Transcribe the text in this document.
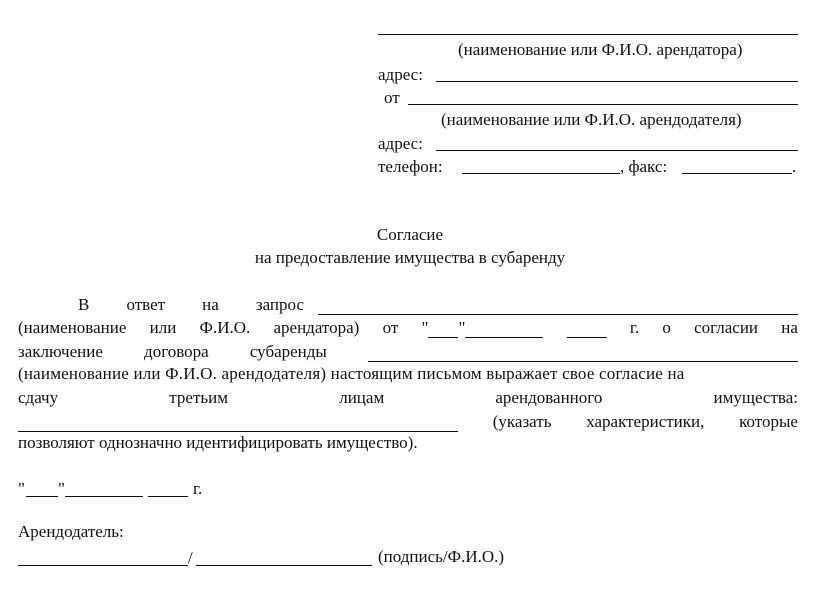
(наименование или Ф.И.О. арендатора)
адрес:
от
(наименование или Ф.И.О. арендодателя)
адрес:
телефон:	, факс:	.
Согласие
на предоставление имущества в субаренду
В ответ на запрос
(наименование или Ф.И.О. арендатора) от " "	г. о согласии на
заключение договора субаренды
(наименование или Ф.И.О. арендодателя) настоящим письмом выражает свое согласие на
сдачу	третьим	лицам	арендованного	имущества:
(указать характеристики, которые
позволяют однозначно идентифицировать имущество).
" "	г.
Арендодатель:
/	(подпись/Ф.И.О.)
